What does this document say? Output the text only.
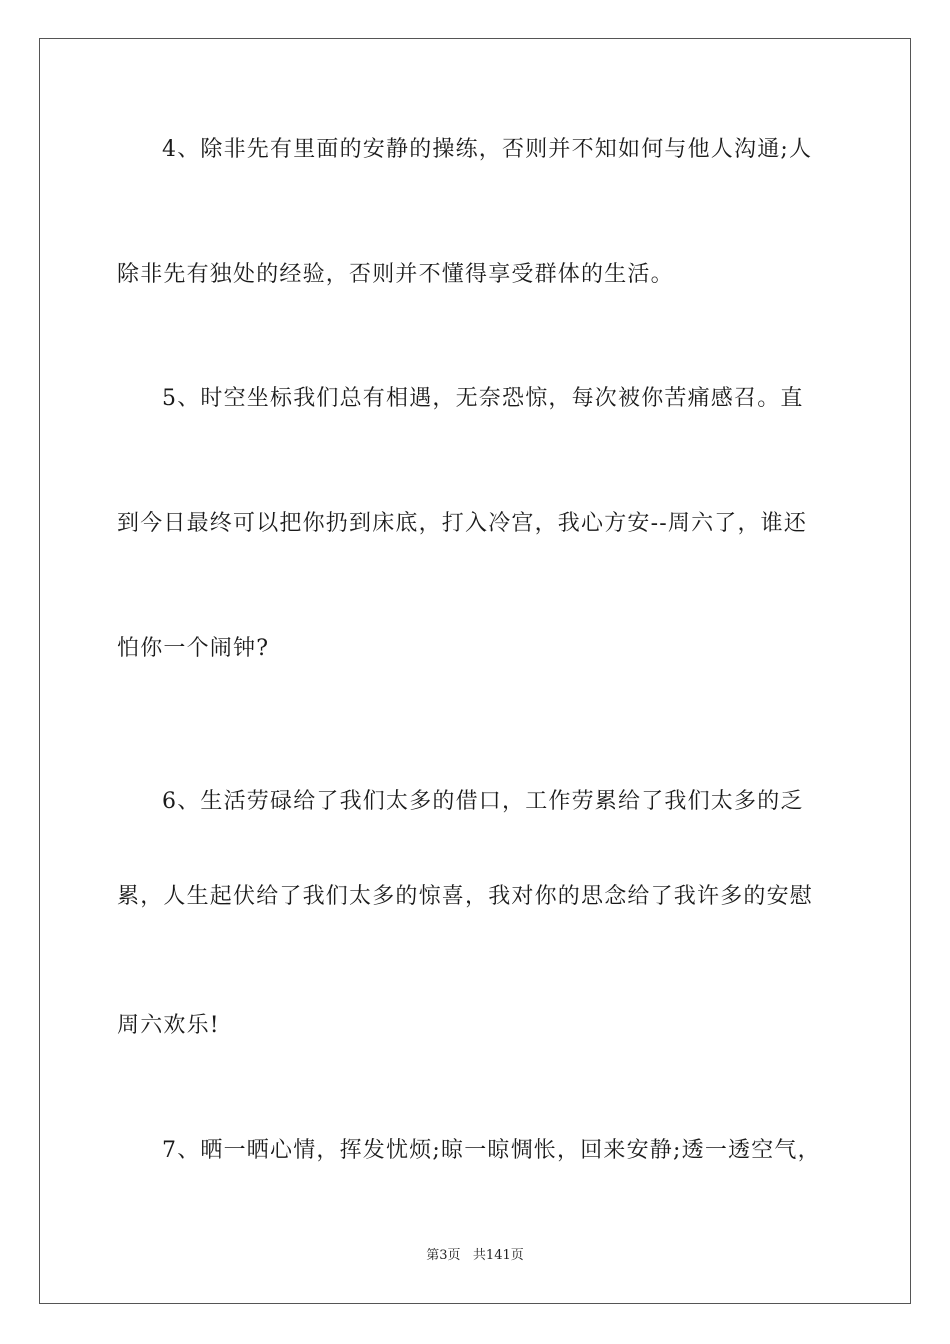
4、除非先有里面的安静的操练，否则并不知如何与他人沟通;人
除非先有独处的经验，否则并不懂得享受群体的生活。
5、时空坐标我们总有相遇，无奈恐惊，每次被你苦痛感召。直
到今日最终可以把你扔到床底，打入冷宫，我心方安--周六了，谁还
怕你一个闹钟?
6、生活劳碌给了我们太多的借口，工作劳累给了我们太多的乏
累，人生起伏给了我们太多的惊喜，我对你的思念给了我许多的安慰
周六欢乐!
7、晒一晒心情，挥发忧烦;晾一晾惆怅，回来安静;透一透空气，
第3页   共141页
